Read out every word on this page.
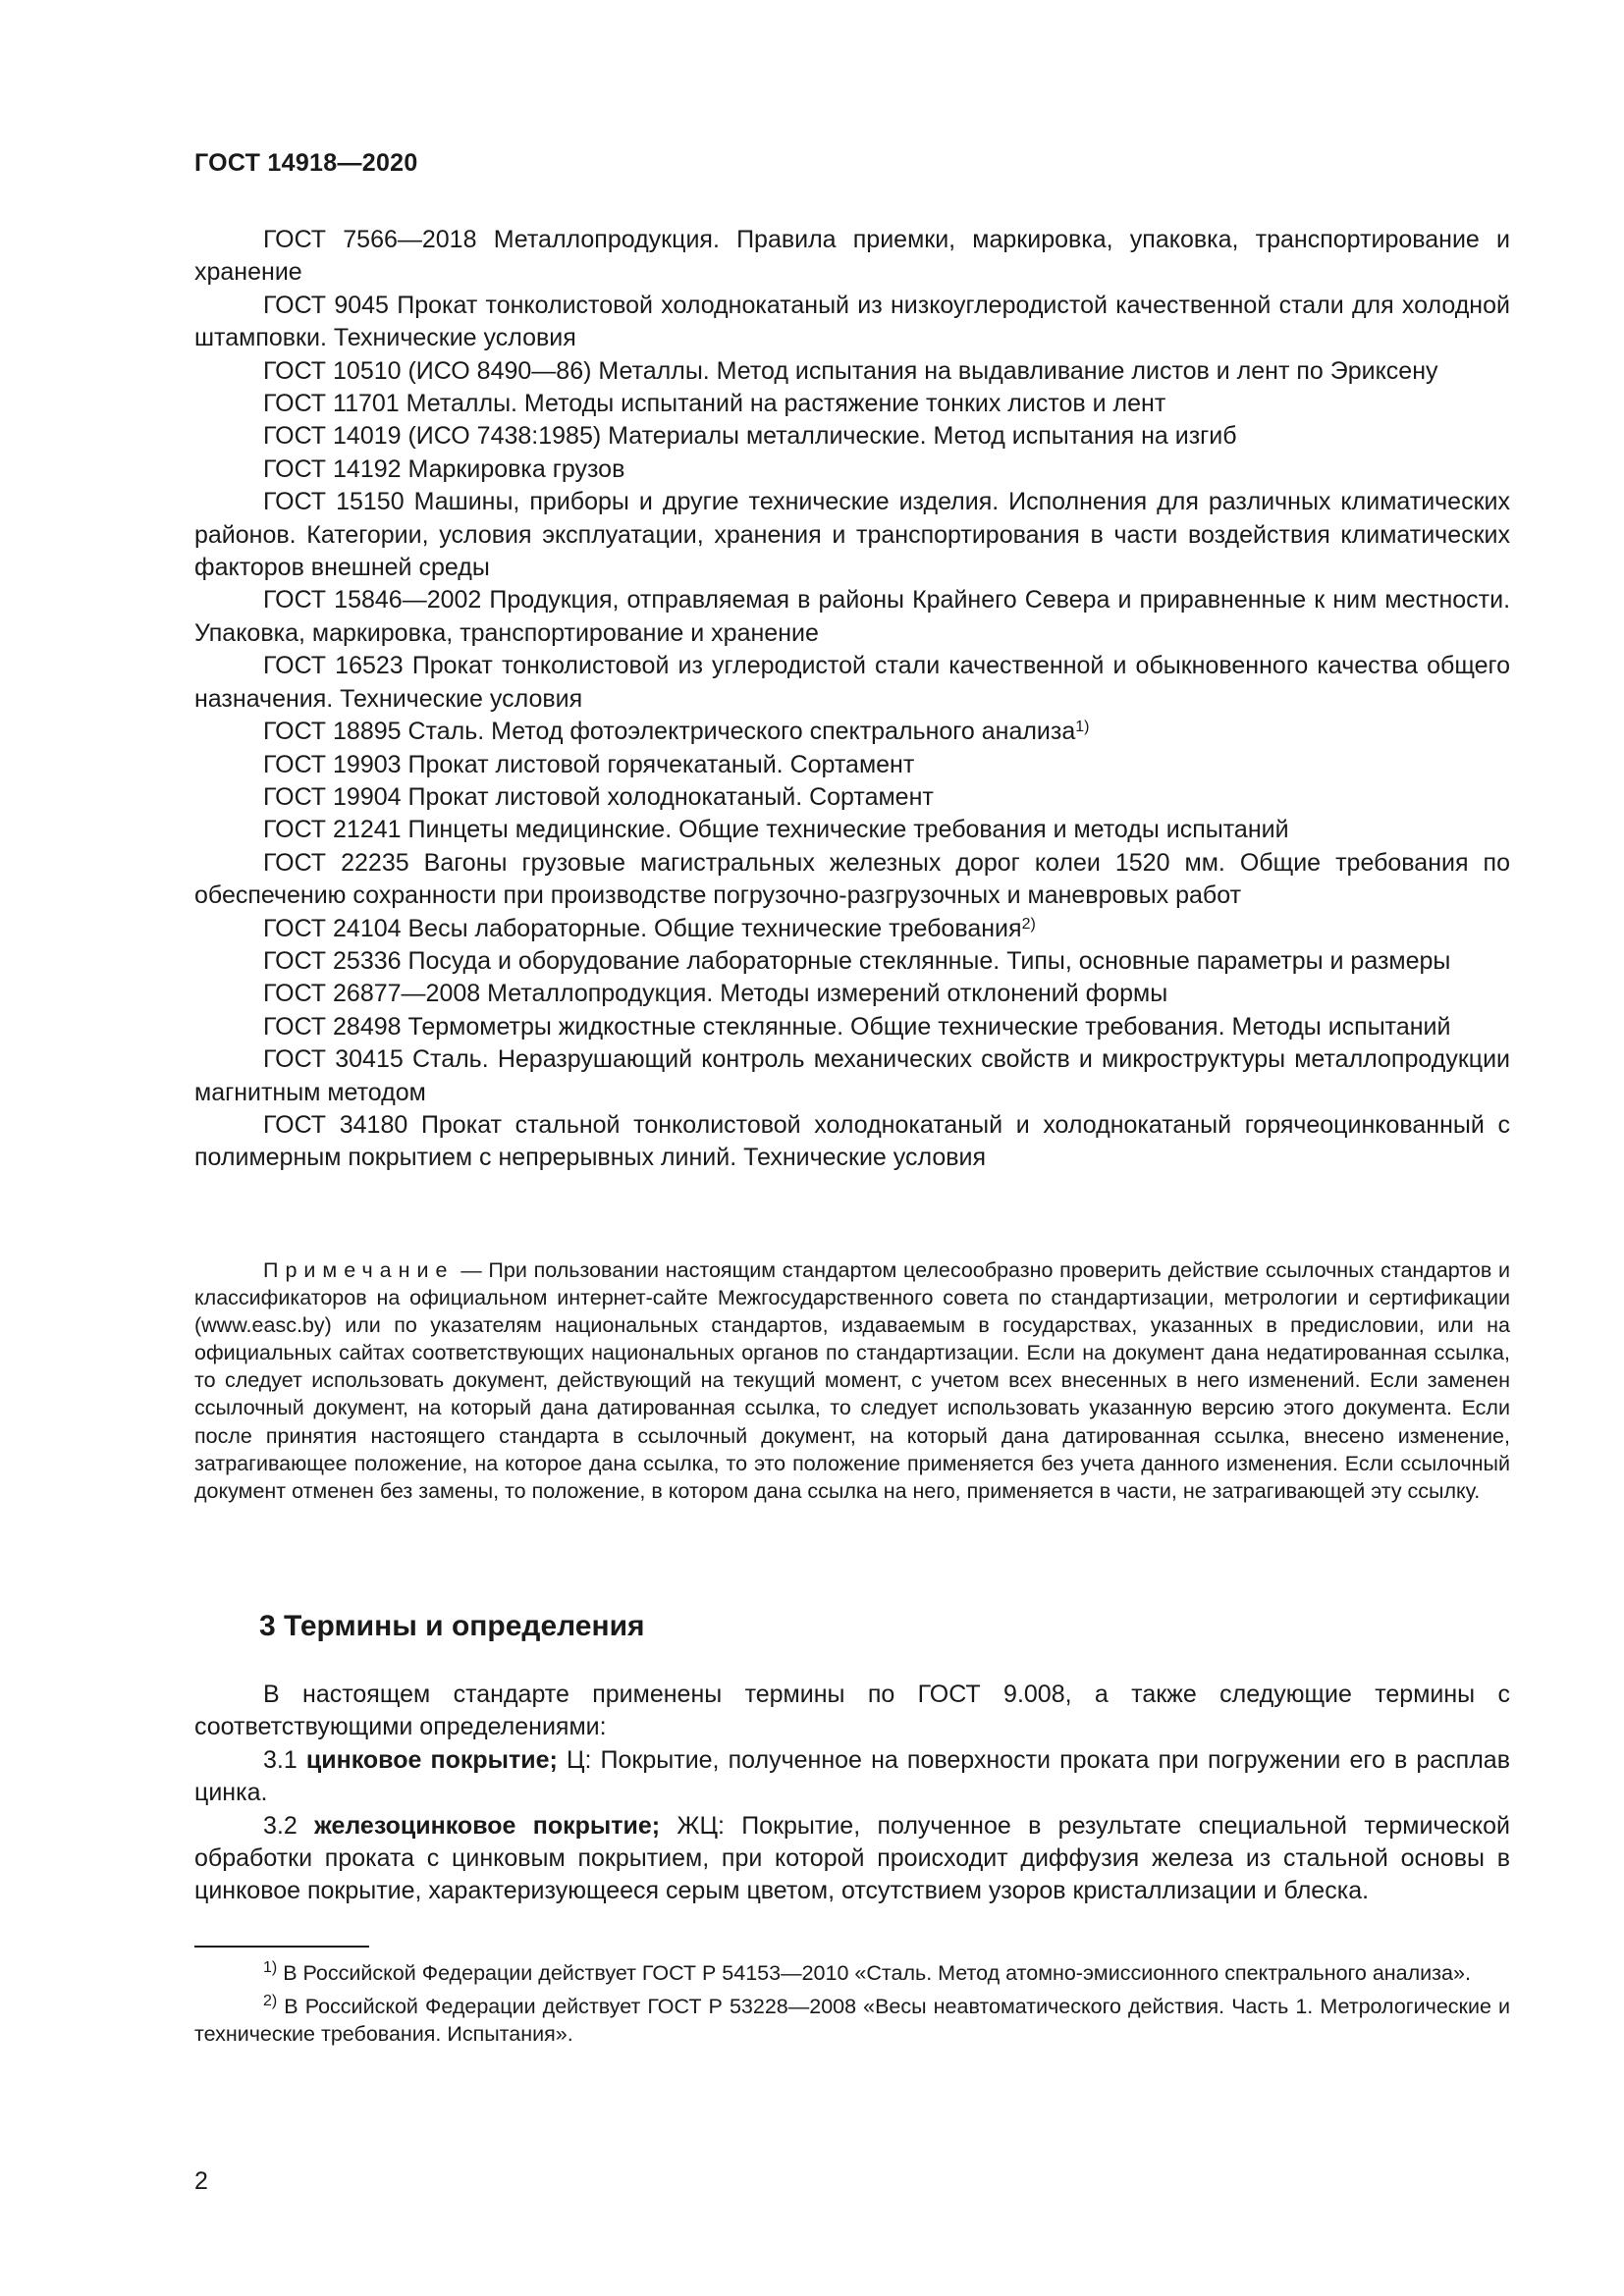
ГОСТ 14918—2020

ГОСТ 7566—2018 Металлопродукция. Правила приемки, маркировка, упаковка, транспортирование и хранение

ГОСТ 9045 Прокат тонколистовой холоднокатаный из низкоуглеродистой качественной стали для холодной штамповки. Технические условия

ГОСТ 10510 (ИСО 8490—86) Металлы. Метод испытания на выдавливание листов и лент по Эриксену

ГОСТ 11701 Металлы. Методы испытаний на растяжение тонких листов и лент

ГОСТ 14019 (ИСО 7438:1985) Материалы металлические. Метод испытания на изгиб

ГОСТ 14192 Маркировка грузов

ГОСТ 15150 Машины, приборы и другие технические изделия. Исполнения для различных климатических районов. Категории, условия эксплуатации, хранения и транспортирования в части воздействия климатических факторов внешней среды

ГОСТ 15846—2002 Продукция, отправляемая в районы Крайнего Севера и приравненные к ним местности. Упаковка, маркировка, транспортирование и хранение

ГОСТ 16523 Прокат тонколистовой из углеродистой стали качественной и обыкновенного качества общего назначения. Технические условия

ГОСТ 18895 Сталь. Метод фотоэлектрического спектрального анализа$^{1)}$

ГОСТ 19903 Прокат листовой горячекатаный. Сортамент

ГОСТ 19904 Прокат листовой холоднокатаный. Сортамент

ГОСТ 21241 Пинцеты медицинские. Общие технические требования и методы испытаний

ГОСТ 22235 Вагоны грузовые магистральных железных дорог колеи 1520 мм. Общие требования по обеспечению сохранности при производстве погрузочно-разгрузочных и маневровых работ

ГОСТ 24104 Весы лабораторные. Общие технические требования$^{2)}$

ГОСТ 25336 Посуда и оборудование лабораторные стеклянные. Типы, основные параметры и размеры

ГОСТ 26877—2008 Металлопродукция. Методы измерений отклонений формы

ГОСТ 28498 Термометры жидкостные стеклянные. Общие технические требования. Методы испытаний

ГОСТ 30415 Сталь. Неразрушающий контроль механических свойств и микроструктуры металлопродукции магнитным методом

ГОСТ 34180 Прокат стальной тонколистовой холоднокатаный и холоднокатаный горячеоцинкованный с полимерным покрытием с непрерывных линий. Технические условия

Примечание — При пользовании настоящим стандартом целесообразно проверить действие ссылочных стандартов и классификаторов на официальном интернет-сайте Межгосударственного совета по стандартизации, метрологии и сертификации (www.easc.by) или по указателям национальных стандартов, издаваемым в государствах, указанных в предисловии, или на официальных сайтах соответствующих национальных органов по стандартизации. Если на документ дана недатированная ссылка, то следует использовать документ, действующий на текущий момент, с учетом всех внесенных в него изменений. Если заменен ссылочный документ, на который дана датированная ссылка, то следует использовать указанную версию этого документа. Если после принятия настоящего стандарта в ссылочный документ, на который дана датированная ссылка, внесено изменение, затрагивающее положение, на которое дана ссылка, то это положение применяется без учета данного изменения. Если ссылочный документ отменен без замены, то положение, в котором дана ссылка на него, применяется в части, не затрагивающей эту ссылку.

3 Термины и определения

В настоящем стандарте применены термины по ГОСТ 9.008, а также следующие термины с соответствующими определениями:

3.1 цинковое покрытие; Ц: Покрытие, полученное на поверхности проката при погружении его в расплав цинка.

3.2 железоцинковое покрытие; ЖЦ: Покрытие, полученное в результате специальной термической обработки проката с цинковым покрытием, при которой происходит диффузия железа из стальной основы в цинковое покрытие, характеризующееся серым цветом, отсутствием узоров кристаллизации и блеска.

$^{1)}$ В Российской Федерации действует ГОСТ Р 54153—2010 «Сталь. Метод атомно-эмиссионного спектрального анализа».

$^{2)}$ В Российской Федерации действует ГОСТ Р 53228—2008 «Весы неавтоматического действия. Часть 1. Метрологические и технические требования. Испытания».

2
